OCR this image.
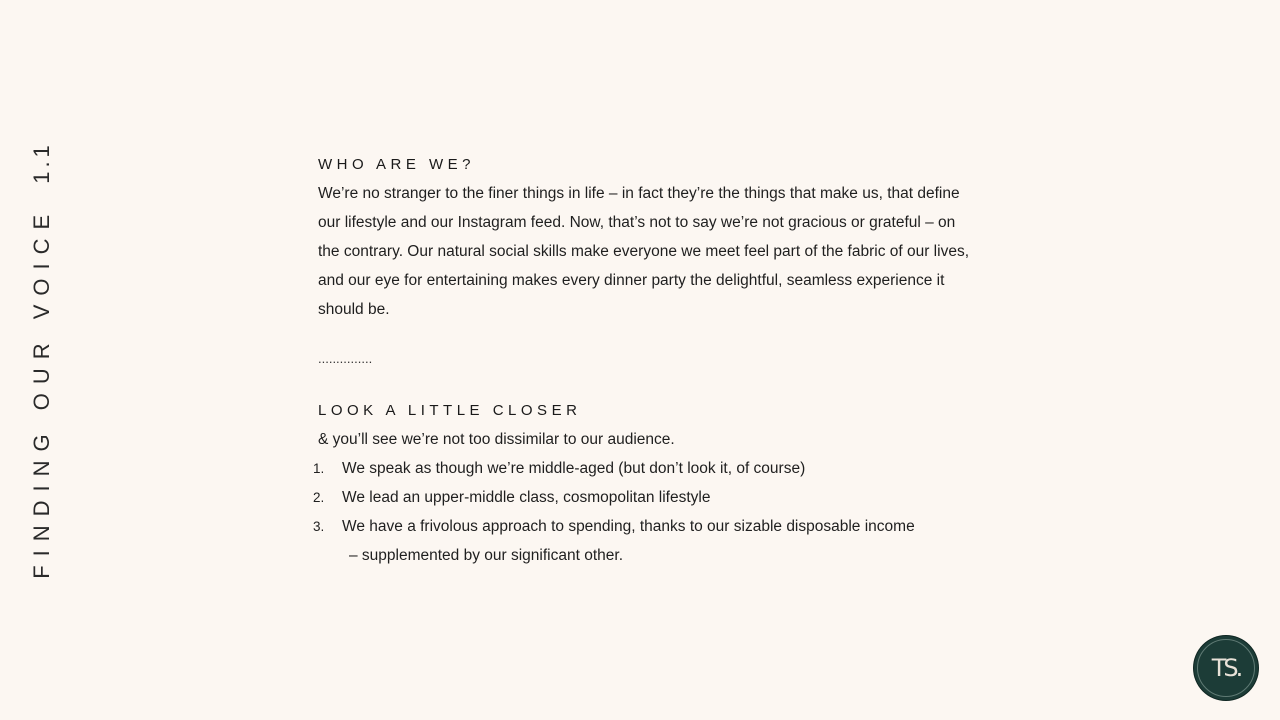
FINDING OUR VOICE1.1	WHO ARE WE?

We’re no stranger to the finer things in life – in fact they’re the things that make us, that define our lifestyle and our Instagram feed. Now, that’s not to say we’re not gracious or grateful – on the contrary. Our natural social skills make everyone we meet feel part of the fabric of our lives, and our eye for entertaining makes every dinner party the delightful, seamless experience it should be.

...............

LOOK A LITTLE CLOSER

& you’ll see we’re not too dissimilar to our audience.

1. We speak as though we’re middle-aged (but don’t look it, of course)
2. We lead an upper-middle class, cosmopolitan lifestyle
3. We have a frivolous approach to spending, thanks to our sizable disposable income
– supplemented by our significant other.
TS.
